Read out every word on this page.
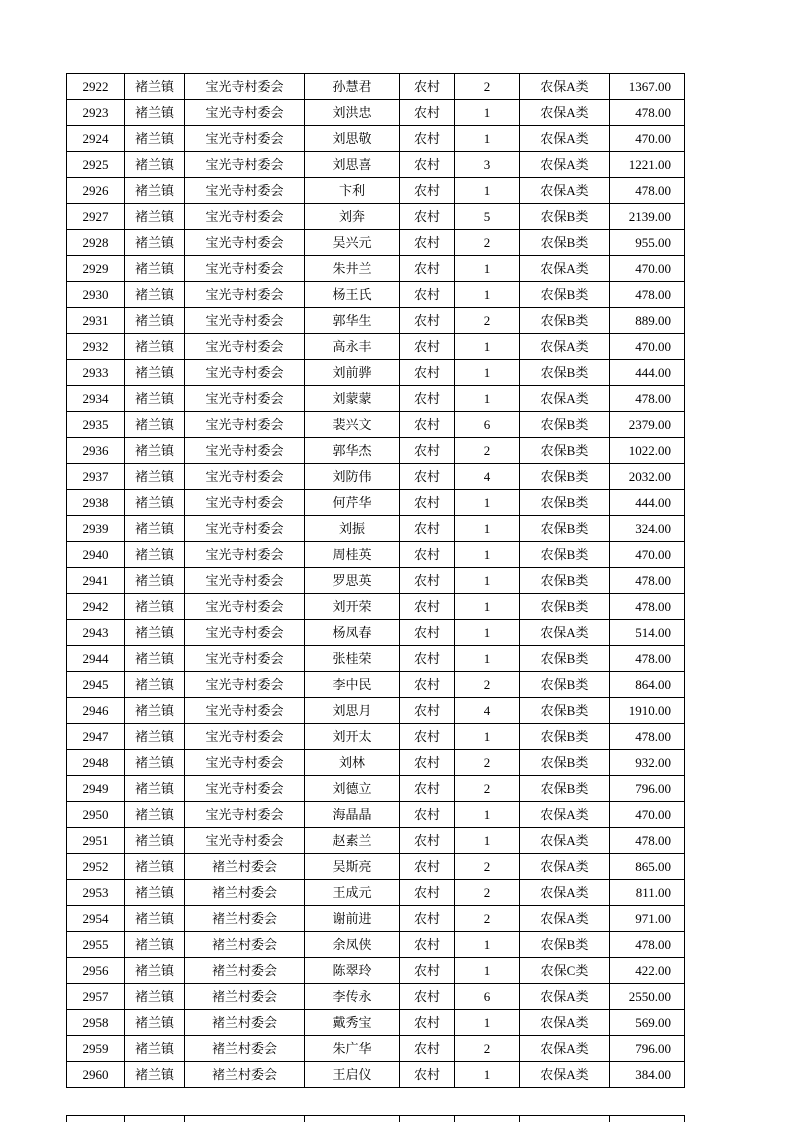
2922	褚兰镇	宝光寺村委会	孙慧君	农村	2	农保A类	1367.00
2923	褚兰镇	宝光寺村委会	刘洪忠	农村	1	农保A类	478.00
2924	褚兰镇	宝光寺村委会	刘思敬	农村	1	农保A类	470.00
2925	褚兰镇	宝光寺村委会	刘思喜	农村	3	农保A类	1221.00
2926	褚兰镇	宝光寺村委会	卞利	农村	1	农保A类	478.00
2927	褚兰镇	宝光寺村委会	刘奔	农村	5	农保B类	2139.00
2928	褚兰镇	宝光寺村委会	吴兴元	农村	2	农保B类	955.00
2929	褚兰镇	宝光寺村委会	朱井兰	农村	1	农保A类	470.00
2930	褚兰镇	宝光寺村委会	杨王氏	农村	1	农保B类	478.00
2931	褚兰镇	宝光寺村委会	郭华生	农村	2	农保B类	889.00
2932	褚兰镇	宝光寺村委会	高永丰	农村	1	农保A类	470.00
2933	褚兰镇	宝光寺村委会	刘前骅	农村	1	农保B类	444.00
2934	褚兰镇	宝光寺村委会	刘蒙蒙	农村	1	农保A类	478.00
2935	褚兰镇	宝光寺村委会	裴兴文	农村	6	农保B类	2379.00
2936	褚兰镇	宝光寺村委会	郭华杰	农村	2	农保B类	1022.00
2937	褚兰镇	宝光寺村委会	刘防伟	农村	4	农保B类	2032.00
2938	褚兰镇	宝光寺村委会	何芹华	农村	1	农保B类	444.00
2939	褚兰镇	宝光寺村委会	刘振	农村	1	农保B类	324.00
2940	褚兰镇	宝光寺村委会	周桂英	农村	1	农保B类	470.00
2941	褚兰镇	宝光寺村委会	罗思英	农村	1	农保B类	478.00
2942	褚兰镇	宝光寺村委会	刘开荣	农村	1	农保B类	478.00
2943	褚兰镇	宝光寺村委会	杨凤春	农村	1	农保A类	514.00
2944	褚兰镇	宝光寺村委会	张桂荣	农村	1	农保B类	478.00
2945	褚兰镇	宝光寺村委会	李中民	农村	2	农保B类	864.00
2946	褚兰镇	宝光寺村委会	刘思月	农村	4	农保B类	1910.00
2947	褚兰镇	宝光寺村委会	刘开太	农村	1	农保B类	478.00
2948	褚兰镇	宝光寺村委会	刘林	农村	2	农保B类	932.00
2949	褚兰镇	宝光寺村委会	刘德立	农村	2	农保B类	796.00
2950	褚兰镇	宝光寺村委会	海晶晶	农村	1	农保A类	470.00
2951	褚兰镇	宝光寺村委会	赵素兰	农村	1	农保A类	478.00
2952	褚兰镇	褚兰村委会	吴斯亮	农村	2	农保A类	865.00
2953	褚兰镇	褚兰村委会	王成元	农村	2	农保A类	811.00
2954	褚兰镇	褚兰村委会	谢前进	农村	2	农保A类	971.00
2955	褚兰镇	褚兰村委会	余凤侠	农村	1	农保B类	478.00
2956	褚兰镇	褚兰村委会	陈翠玲	农村	1	农保C类	422.00
2957	褚兰镇	褚兰村委会	李传永	农村	6	农保A类	2550.00
2958	褚兰镇	褚兰村委会	戴秀宝	农村	1	农保A类	569.00
2959	褚兰镇	褚兰村委会	朱广华	农村	2	农保A类	796.00
2960	褚兰镇	褚兰村委会	王启仪	农村	1	农保A类	384.00
